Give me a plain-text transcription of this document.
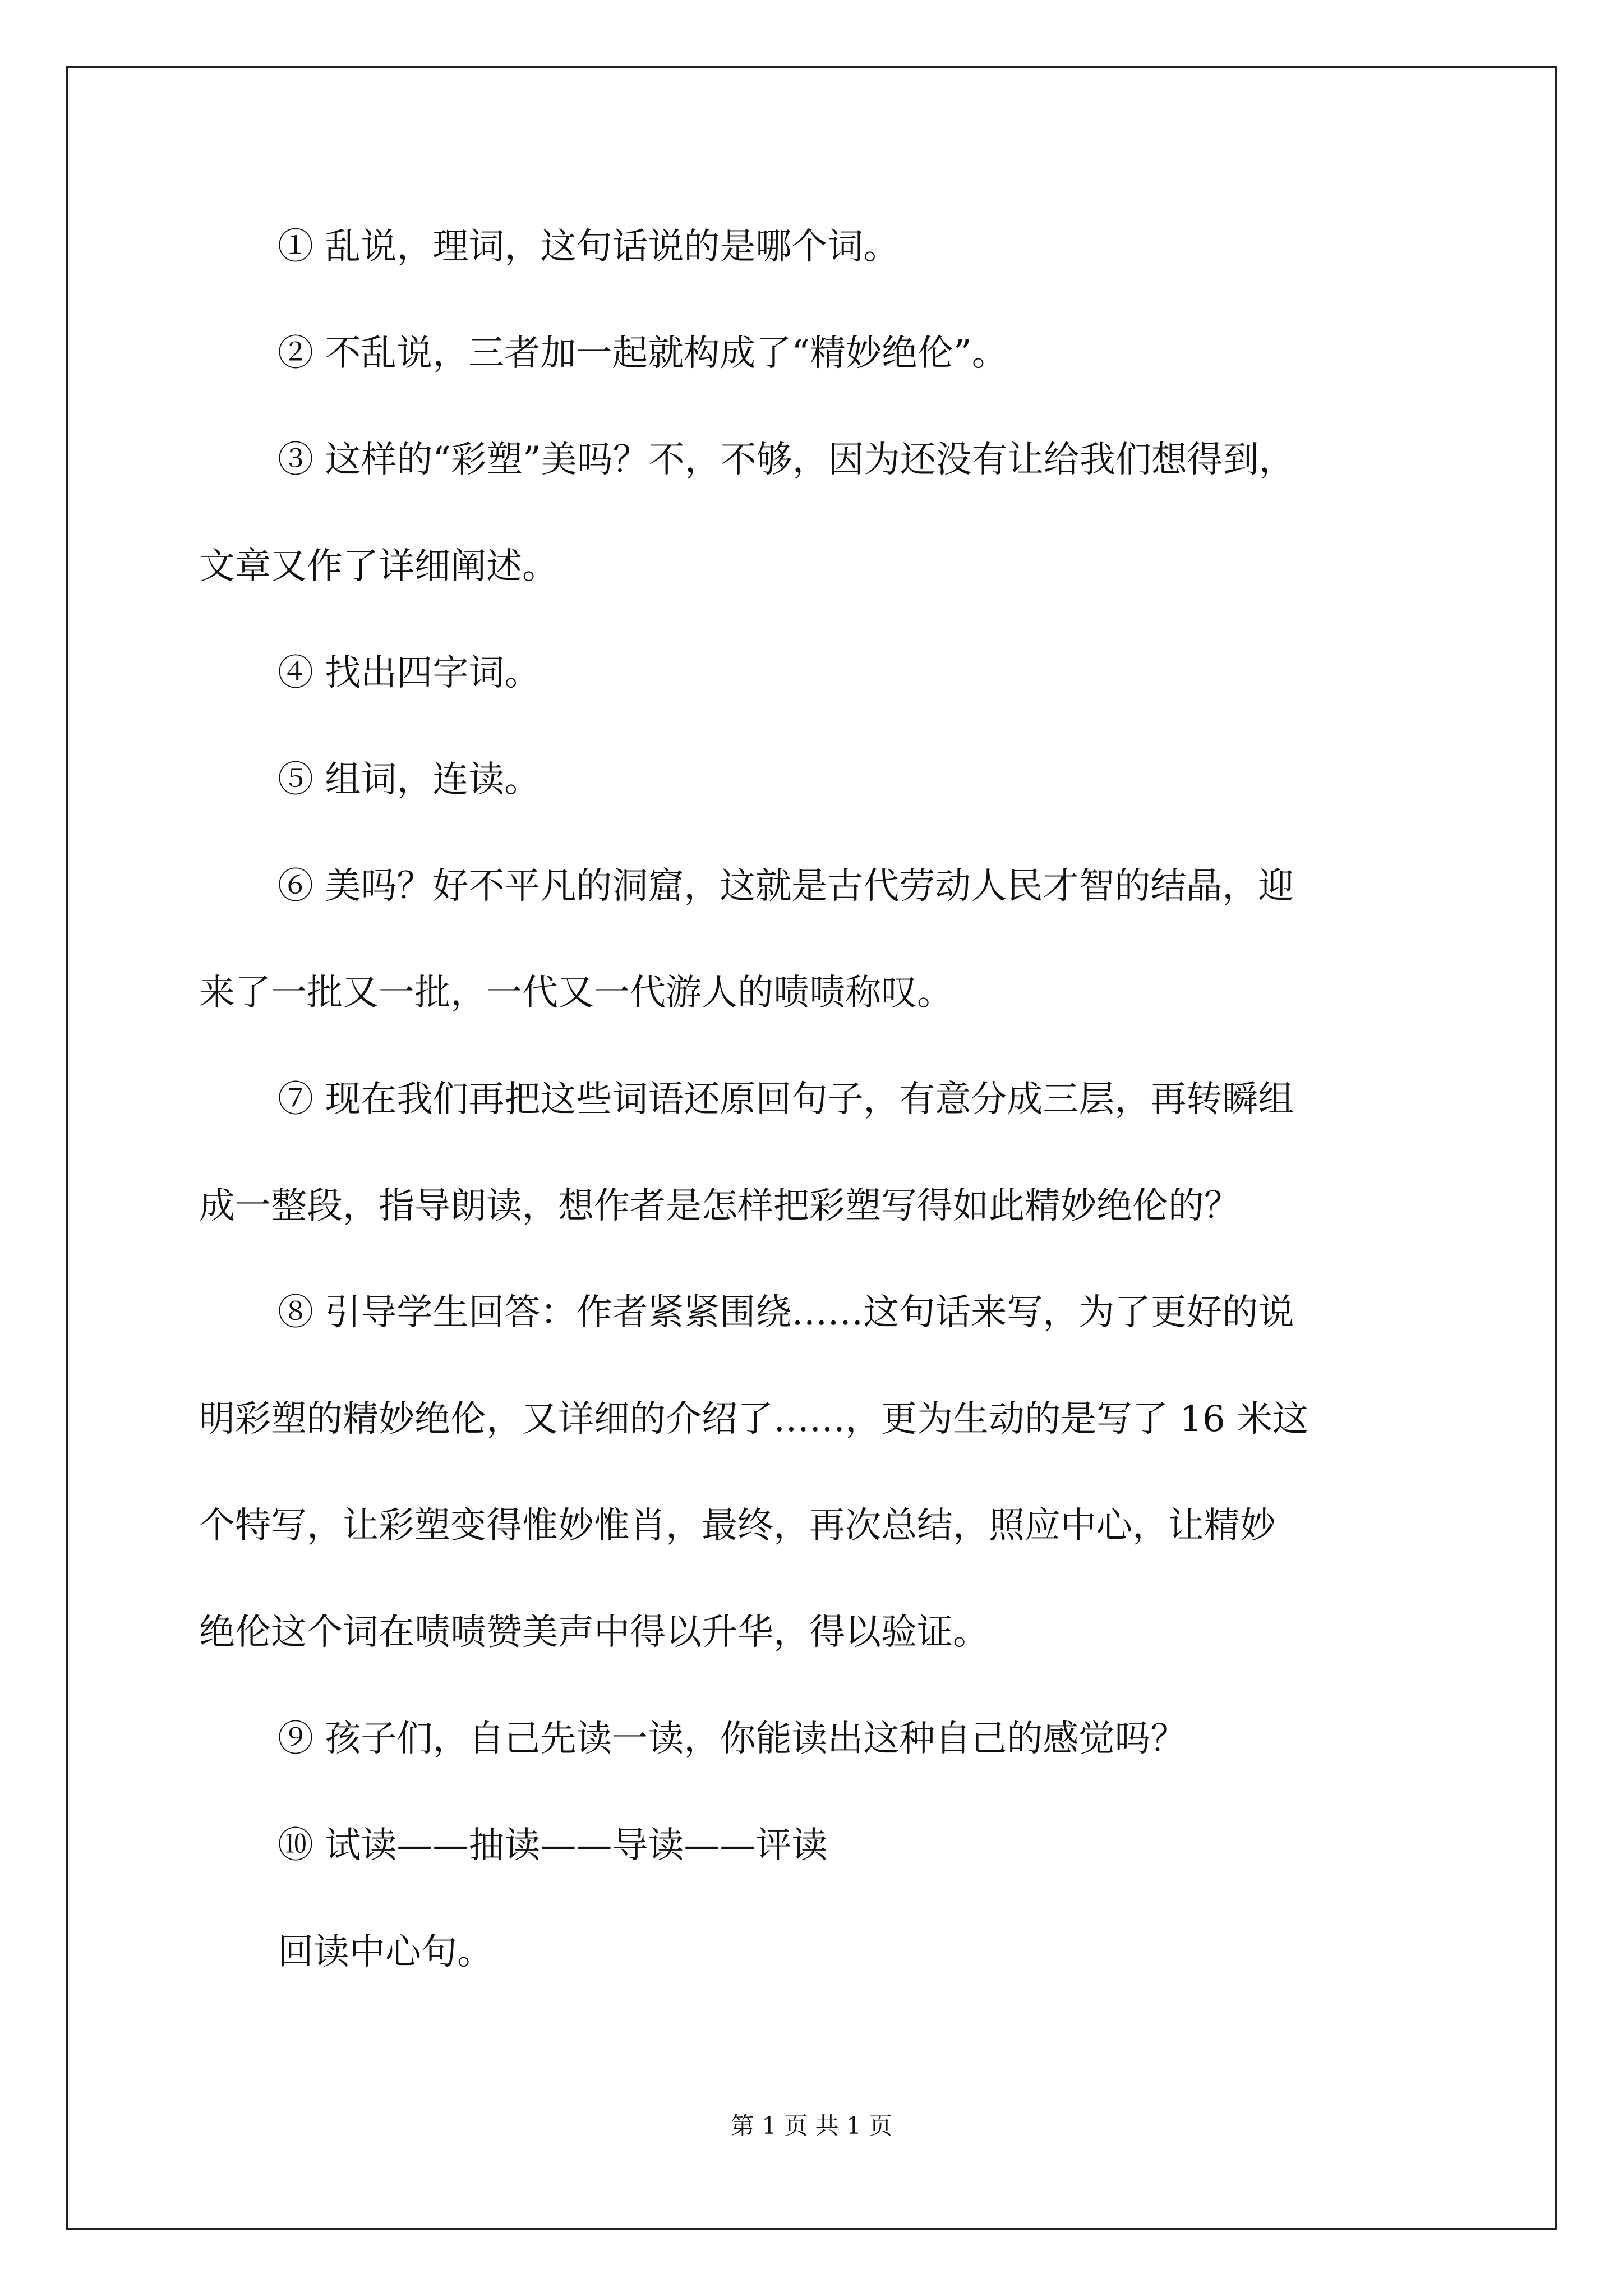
① 乱说，理词，这句话说的是哪个词。
② 不乱说，三者加一起就构成了“精妙绝伦”。
③ 这样的“彩塑”美吗？不，不够，因为还没有让给我们想得到，
文章又作了详细阐述。
④ 找出四字词。
⑤ 组词，连读。
⑥ 美吗？好不平凡的洞窟，这就是古代劳动人民才智的结晶，迎
来了一批又一批，一代又一代游人的啧啧称叹。
⑦ 现在我们再把这些词语还原回句子，有意分成三层，再转瞬组
成一整段，指导朗读，想作者是怎样把彩塑写得如此精妙绝伦的？
⑧ 引导学生回答：作者紧紧围绕……这句话来写，为了更好的说
明彩塑的精妙绝伦，又详细的介绍了……，更为生动的是写了 16 米这
个特写，让彩塑变得惟妙惟肖，最终，再次总结，照应中心，让精妙
绝伦这个词在啧啧赞美声中得以升华，得以验证。
⑨ 孩子们，自己先读一读，你能读出这种自己的感觉吗？
⑩ 试读——抽读——导读——评读
回读中心句。
第 1 页 共 1 页
